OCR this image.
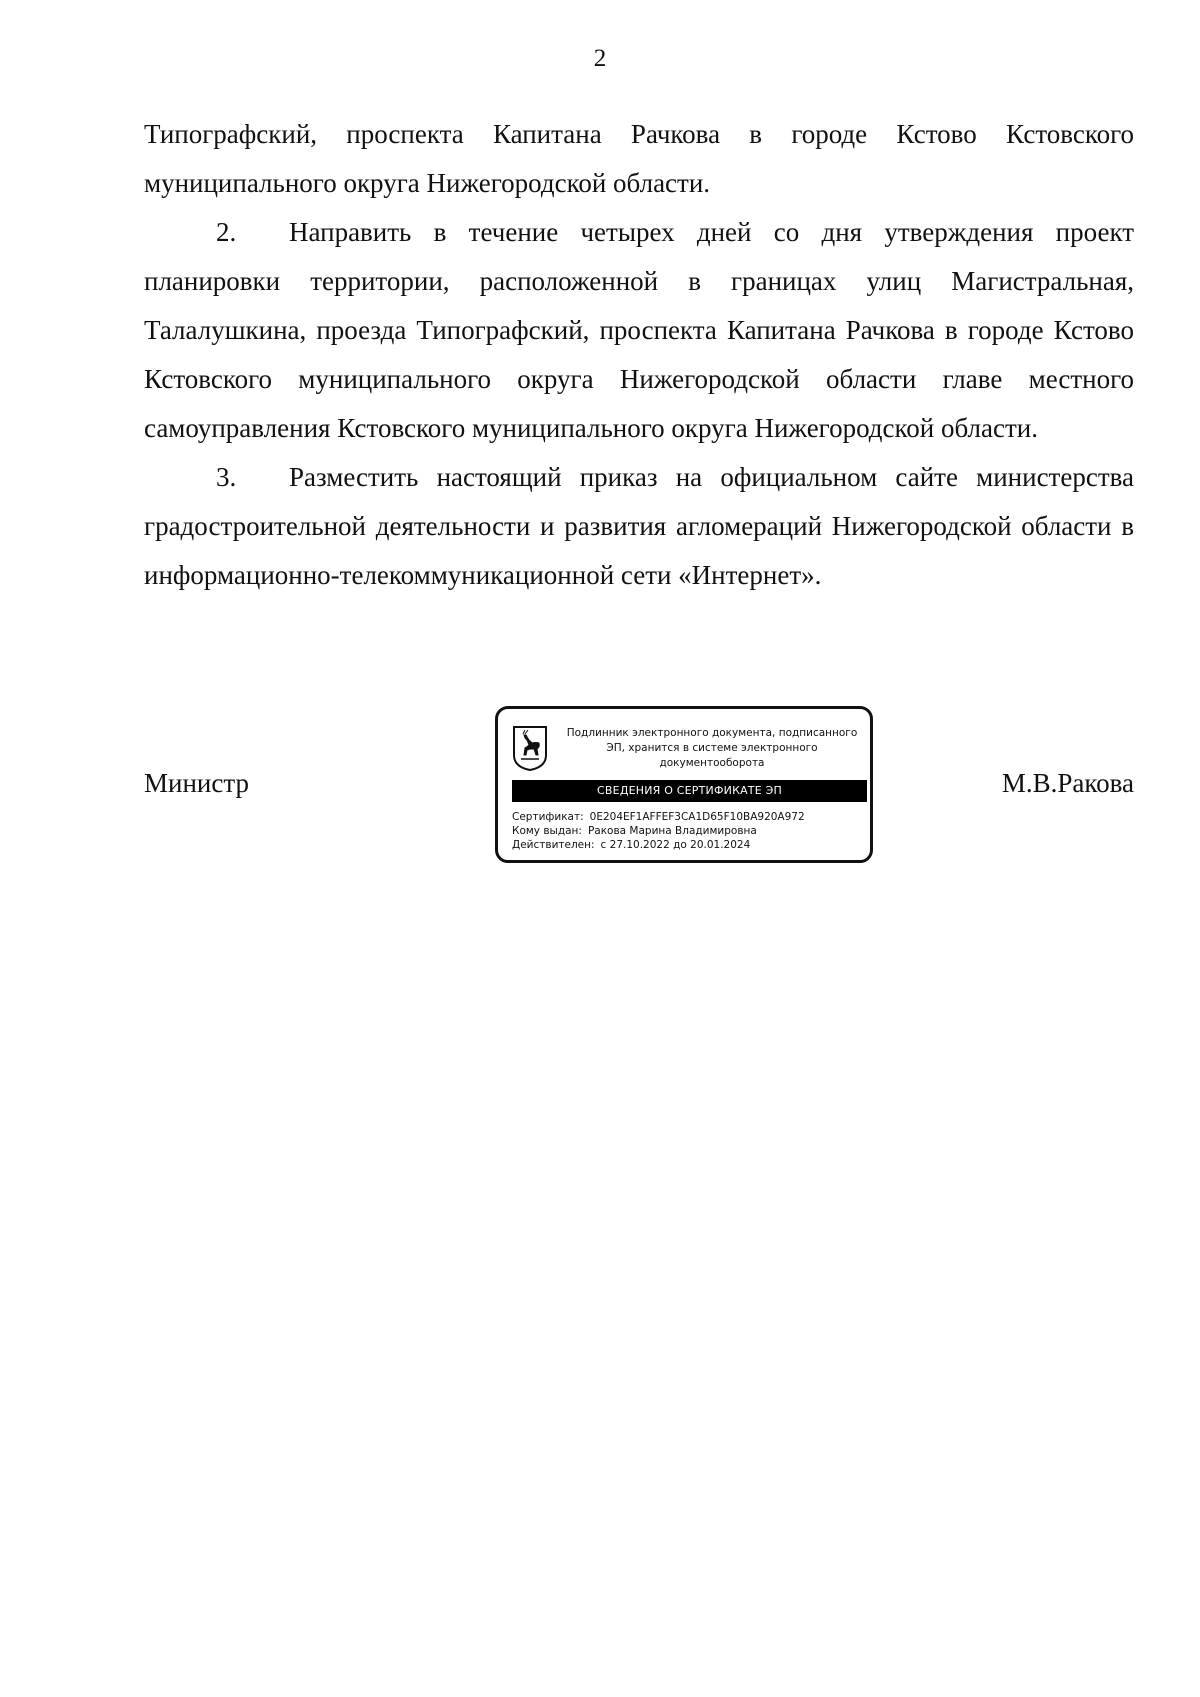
2

Типографский, проспекта Капитана Рачкова в городе Кстово Кстовского муниципального округа Нижегородской области.

2. Направить в течение четырех дней со дня утверждения проект планировки территории, расположенной в границах улиц Магистральная, Талалушкина, проезда Типографский, проспекта Капитана Рачкова в городе Кстово Кстовского муниципального округа Нижегородской области главе местного самоуправления Кстовского муниципального округа Нижегородской области.

3. Разместить настоящий приказ на официальном сайте министерства градостроительной деятельности и развития агломераций Нижегородской области в информационно-телекоммуникационной сети «Интернет».

Министр
Подлинник электронного документа, подписанного ЭП, хранится в системе электронного документооборота
СВЕДЕНИЯ О СЕРТИФИКАТЕ ЭП
Сертификат: 0E204EF1AFFEF3CA1D65F10BA920A972
Кому выдан: Ракова Марина Владимировна
Действителен: с 27.10.2022 до 20.01.2024
М.В.Ракова
